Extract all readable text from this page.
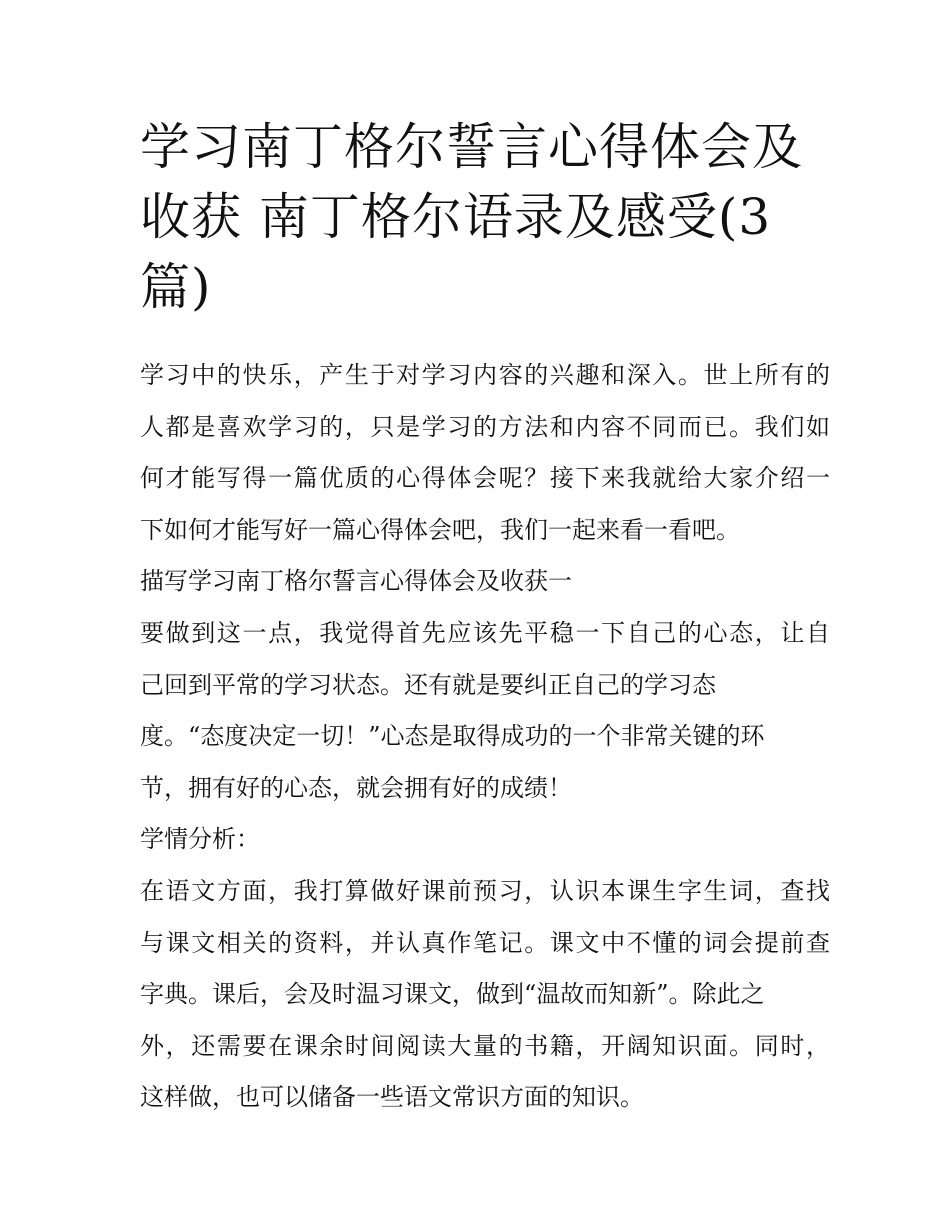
学习南丁格尔誓言心得体会及
收获 南丁格尔语录及感受(3
篇)

学习中的快乐，产生于对学习内容的兴趣和深入。世上所有的

人都是喜欢学习的，只是学习的方法和内容不同而已。我们如

何才能写得一篇优质的心得体会呢？接下来我就给大家介绍一

下如何才能写好一篇心得体会吧，我们一起来看一看吧。

描写学习南丁格尔誓言心得体会及收获一

要做到这一点，我觉得首先应该先平稳一下自己的心态，让自

己回到平常的学习状态。还有就是要纠正自己的学习态

度。“态度决定一切！”心态是取得成功的一个非常关键的环

节，拥有好的心态，就会拥有好的成绩！

学情分析：

在语文方面，我打算做好课前预习，认识本课生字生词，查找

与课文相关的资料，并认真作笔记。课文中不懂的词会提前查

字典。课后，会及时温习课文，做到“温故而知新”。除此之

外，还需要在课余时间阅读大量的书籍，开阔知识面。同时，

这样做，也可以储备一些语文常识方面的知识。
